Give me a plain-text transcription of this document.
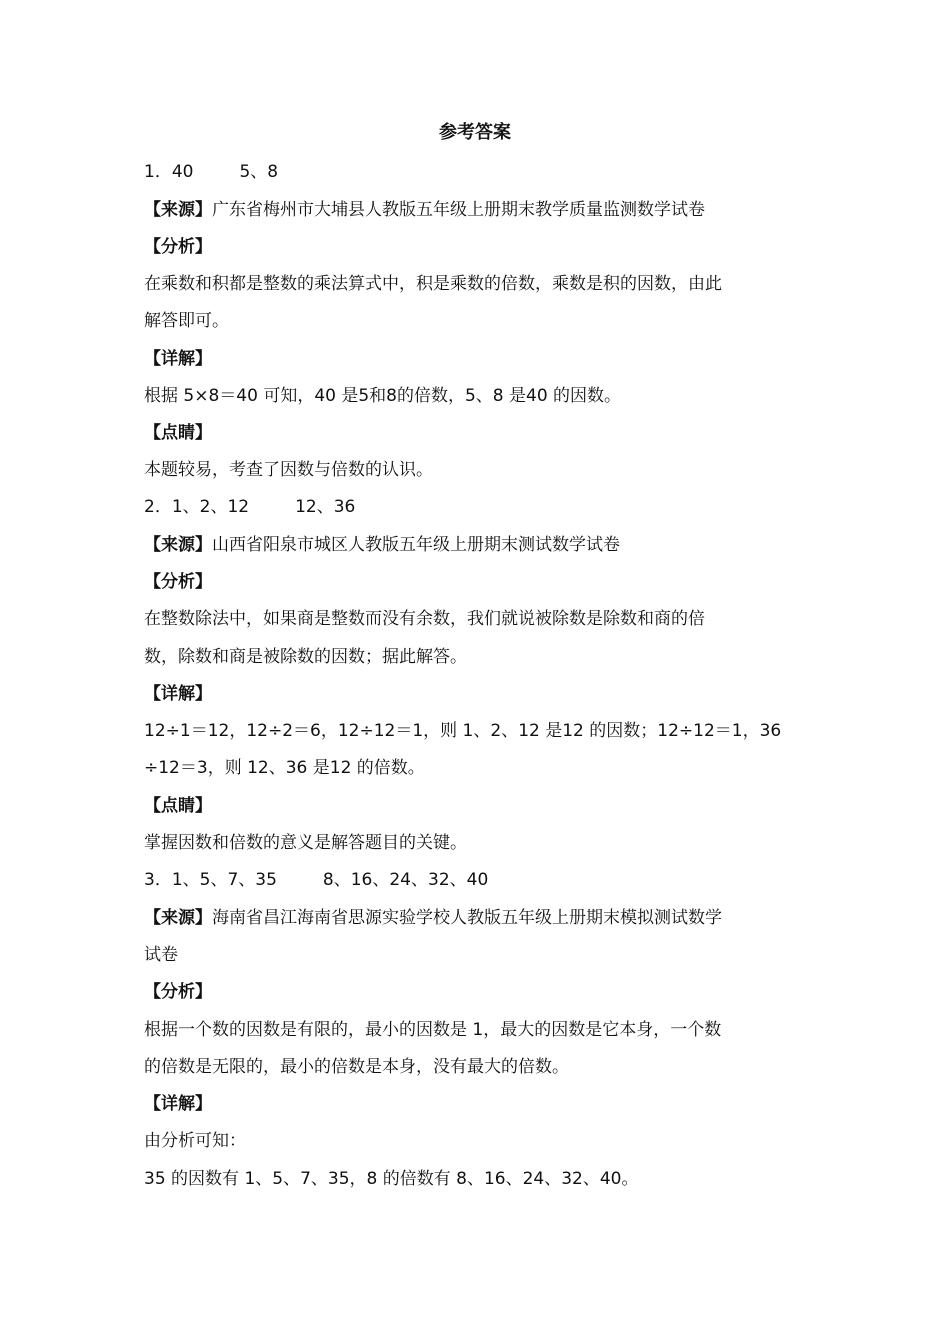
参考答案
1．40	5、8
【来源】广东省梅州市大埔县人教版五年级上册期末教学质量监测数学试卷
【分析】
在乘数和积都是整数的乘法算式中，积是乘数的倍数，乘数是积的因数，由此
解答即可。
【详解】
根据 5×8＝40 可知，40 是5和8的倍数，5、8 是40 的因数。
【点睛】
本题较易，考查了因数与倍数的认识。
2．1、2、12	12、36
【来源】山西省阳泉市城区人教版五年级上册期末测试数学试卷
【分析】
在整数除法中，如果商是整数而没有余数，我们就说被除数是除数和商的倍
数，除数和商是被除数的因数；据此解答。
【详解】
12÷1＝12，12÷2＝6，12÷12＝1，则 1、2、12 是12 的因数；12÷12＝1，36
÷12＝3，则 12、36 是12 的倍数。
【点睛】
掌握因数和倍数的意义是解答题目的关键。
3．1、5、7、35	8、16、24、32、40
【来源】海南省昌江海南省思源实验学校人教版五年级上册期末模拟测试数学
试卷
【分析】
根据一个数的因数是有限的，最小的因数是 1，最大的因数是它本身，一个数
的倍数是无限的，最小的倍数是本身，没有最大的倍数。
【详解】
由分析可知：
35 的因数有 1、5、7、35，8 的倍数有 8、16、24、32、40。
